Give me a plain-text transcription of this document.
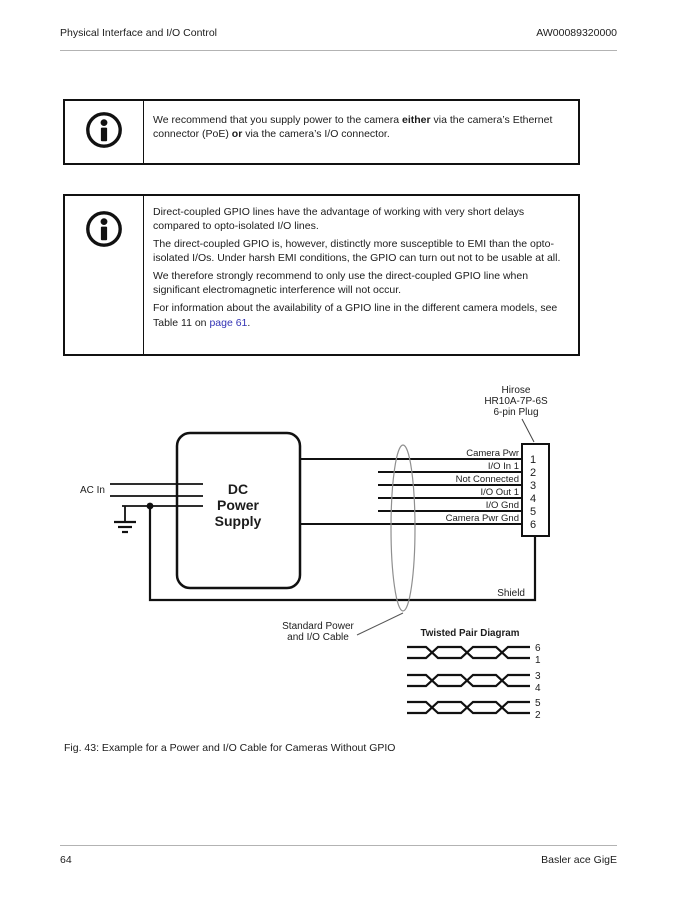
Physical Interface and I/O Control	AW00089320000

We recommend that you supply power to the camera either via the camera’s Ethernet connector (PoE) or via the camera’s I/O connector.

Direct-coupled GPIO lines have the advantage of working with very short delays compared to opto-isolated I/O lines.

The direct-coupled GPIO is, however, distinctly more susceptible to EMI than the opto-isolated I/Os. Under harsh EMI conditions, the GPIO can turn out not to be usable at all.

We therefore strongly recommend to only use the direct-coupled GPIO line when significant electromagnetic interference will not occur.

For information about the availability of a GPIO line in the different camera models, see Table 11 on page 61.

Hirose
HR10A-7P-6S
6-pin Plug
AC In
Shield
Camera Pwr
I/O In 1
Not Connected
I/O Out 1
I/O Gnd
Camera Pwr Gnd
DC
Power
Supply
1
2
3
4
5
6
Standard Power
and I/O Cable	Twisted Pair Diagram
6
1
3
4
5
2
Fig. 43: Example for a Power and I/O Cable for Cameras Without GPIO
64	Basler ace GigE
